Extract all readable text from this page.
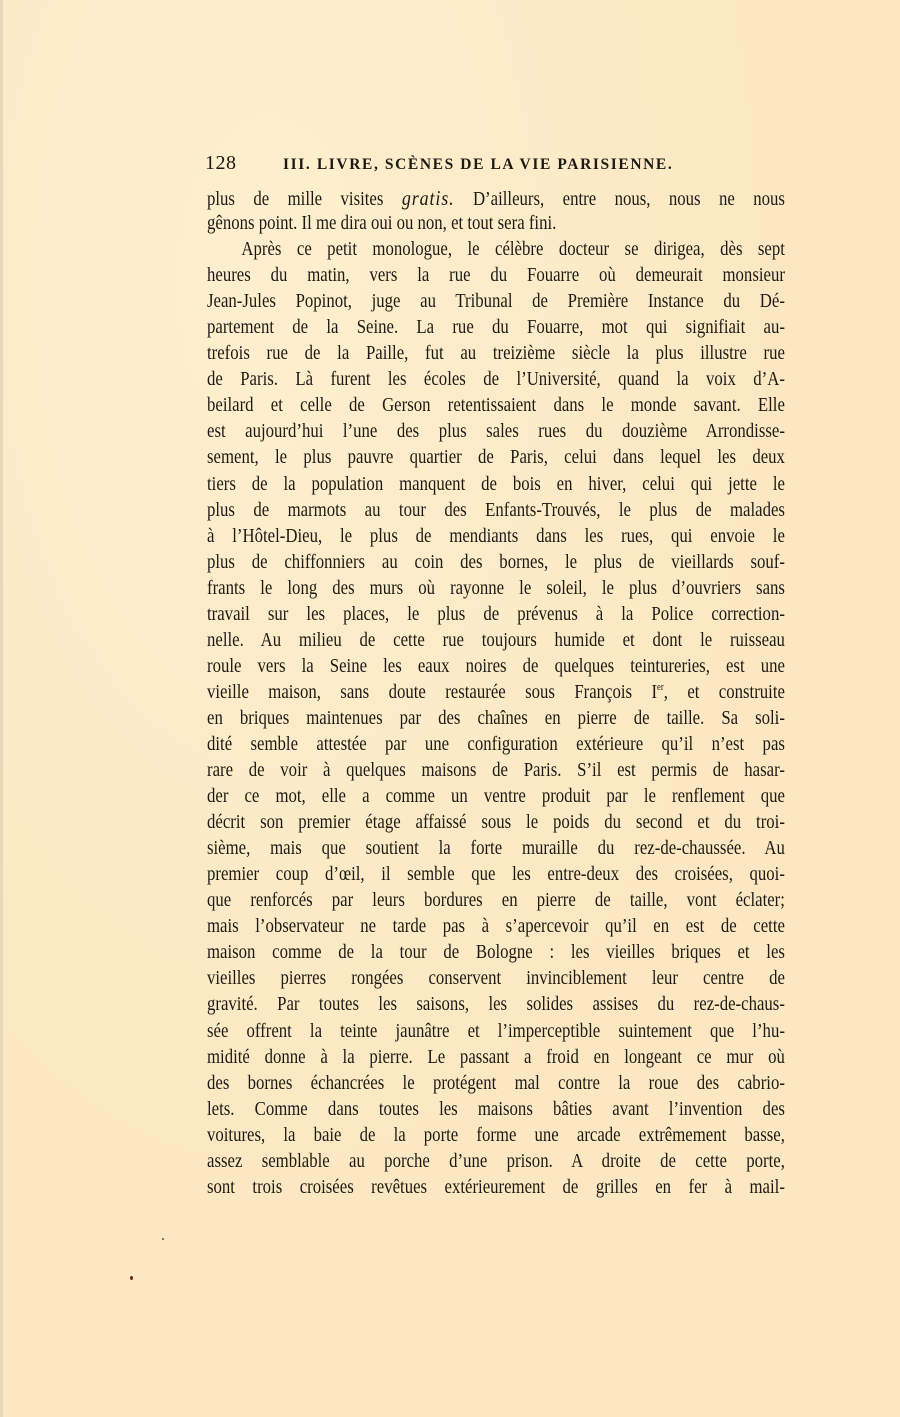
128	III. LIVRE, SCÈNES DE LA VIE PARISIENNE.
plus de mille visites gratis. D’ailleurs, entre nous, nous ne nous
gênons point. Il me dira oui ou non, et tout sera fini.
Après ce petit monologue, le célèbre docteur se dirigea, dès sept
heures du matin, vers la rue du Fouarre où demeurait monsieur
Jean-Jules Popinot, juge au Tribunal de Première Instance du Dé-
partement de la Seine. La rue du Fouarre, mot qui signifiait au-
trefois rue de la Paille, fut au treizième siècle la plus illustre rue
de Paris. Là furent les écoles de l’Université, quand la voix d’A-
beilard et celle de Gerson retentissaient dans le monde savant. Elle
est aujourd’hui l’une des plus sales rues du douzième Arrondisse-
sement, le plus pauvre quartier de Paris, celui dans lequel les deux
tiers de la population manquent de bois en hiver, celui qui jette le
plus de marmots au tour des Enfants-Trouvés, le plus de malades
à l’Hôtel-Dieu, le plus de mendiants dans les rues, qui envoie le
plus de chiffonniers au coin des bornes, le plus de vieillards souf-
frants le long des murs où rayonne le soleil, le plus d’ouvriers sans
travail sur les places, le plus de prévenus à la Police correction-
nelle. Au milieu de cette rue toujours humide et dont le ruisseau
roule vers la Seine les eaux noires de quelques teintureries, est une
vieille maison, sans doute restaurée sous François Ier, et construite
en briques maintenues par des chaînes en pierre de taille. Sa soli-
dité semble attestée par une configuration extérieure qu’il n’est pas
rare de voir à quelques maisons de Paris. S’il est permis de hasar-
der ce mot, elle a comme un ventre produit par le renflement que
décrit son premier étage affaissé sous le poids du second et du troi-
sième, mais que soutient la forte muraille du rez-de-chaussée. Au
premier coup d’œil, il semble que les entre-deux des croisées, quoi-
que renforcés par leurs bordures en pierre de taille, vont éclater;
mais l’observateur ne tarde pas à s’apercevoir qu’il en est de cette
maison comme de la tour de Bologne : les vieilles briques et les
vieilles pierres rongées conservent invinciblement leur centre de
gravité. Par toutes les saisons, les solides assises du rez-de-chaus-
sée offrent la teinte jaunâtre et l’imperceptible suintement que l’hu-
midité donne à la pierre. Le passant a froid en longeant ce mur où
des bornes échancrées le protégent mal contre la roue des cabrio-
lets. Comme dans toutes les maisons bâties avant l’invention des
voitures, la baie de la porte forme une arcade extrêmement basse,
assez semblable au porche d’une prison. A droite de cette porte,
sont trois croisées revêtues extérieurement de grilles en fer à mail-
